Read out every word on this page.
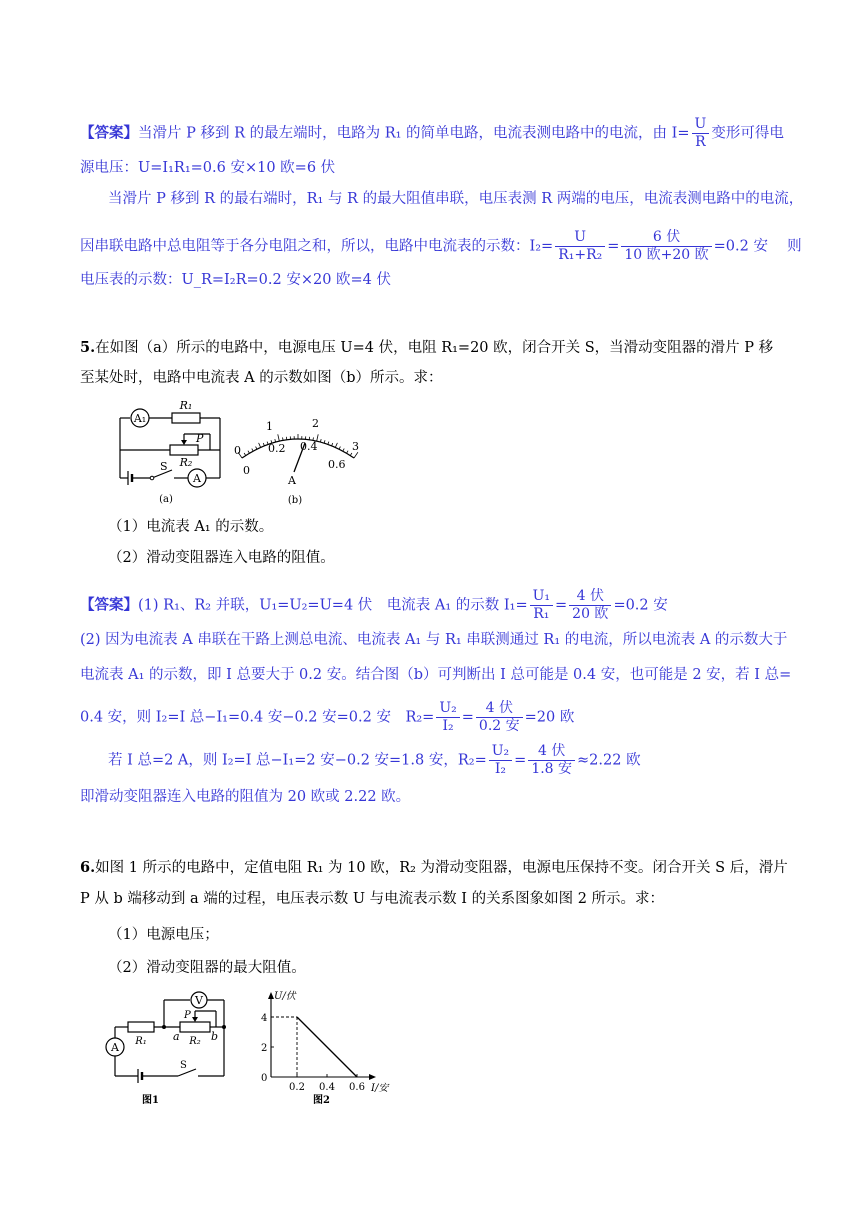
【答案】当滑片 P 移到 R 的最左端时，电路为 R₁ 的简单电路，电流表测电路中的电流，由 $I= \frac{U}{R}$ 变形可得电
源电压：U=I₁R₁=0.6 安×10 欧=6 伏
当滑片 P 移到 R 的最右端时，R₁ 与 R 的最大阻值串联，电压表测 R 两端的电压，电流表测电路中的电流，
因串联电路中总电阻等于各分电阻之和，所以，电路中电流表的示数：$I_2= \frac{U}{\text{R₁+R₂}} = \frac{\text{6 伏}}{\text{10 欧+20 欧}} =0.2$ 安　 则
电压表的示数：U_R=I₂R=0.2 安×20 欧=4 伏
5.在如图（a）所示的电路中，电源电压 U=4 伏，电阻 R₁=20 欧，闭合开关 S，当滑动变阻器的滑片 P 移
至某处时，电路中电流表 A 的示数如图（b）所示。求：
A₁
R₁
P
R₂
S
A
(a)
0
1	2
3
0
0.2 0.4
0.6
A
(b)
（1）电流表 A₁ 的示数。
（2）滑动变阻器连入电路的阻值。
【答案】(1) R₁、R₂ 并联，U₁=U₂=U=4 伏　电流表 A₁ 的示数 $I_1= \frac{\text{U₁}}{\text{R₁}} = \frac{\text{4 伏}}{\text{20 欧}} =0.2$ 安
(2) 因为电流表 A 串联在干路上测总电流、电流表 A₁ 与 R₁ 串联测通过 R₁ 的电流，所以电流表 A 的示数大于
电流表 A₁ 的示数，即 I 总要大于 0.2 安。结合图（b）可判断出 I 总可能是 0.4 安，也可能是 2 安，若 I 总=
0.4 安，则 I₂=I 总−I₁=0.4 安−0.2 安=0.2 安　$R_2= \frac{\text{U₂}}{\text{I₂}} = \frac{\text{4 伏}}{\text{0.2 安}} =20$ 欧
若 I 总=2 A，则 I₂=I 总−I₁=2 安−0.2 安=1.8 安，$R_2= \frac{\text{U₂}}{\text{I₂}} = \frac{\text{4 伏}}{\text{1.8 安}} \approx 2.22$ 欧
即滑动变阻器连入电路的阻值为 20 欧或 2.22 欧。
6.如图 1 所示的电路中，定值电阻 R₁ 为 10 欧，R₂ 为滑动变阻器，电源电压保持不变。闭合开关 S 后，滑片
P 从 b 端移动到 a 端的过程，电压表示数 U 与电流表示数 I 的关系图象如图 2 所示。求：
（1）电源电压；
（2）滑动变阻器的最大阻值。
V
P
R₁ a R₂ b
A
S
图1
U/伏
I/安
4
2
0
0.2 0.4 0.6
图2
